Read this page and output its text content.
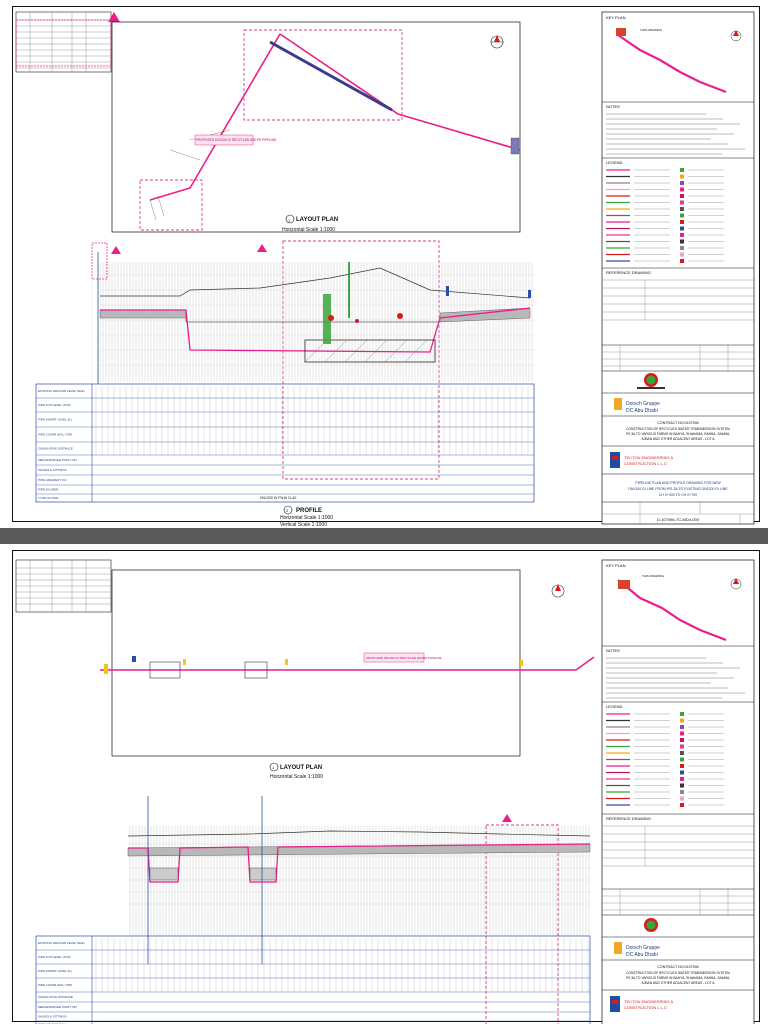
PROPOSED DN1200 GI RECYCLED WATER PIPELINE
LAYOUT PLAN
1
Horizontal Scale 1:1000
EXISTING GROUND LEVEL (EGL)
PIPE TOP LEVEL (TOP)
PIPE INVERT LEVEL (IL)
PIPE COVER (EGL-TOP)
CUMULATIVE DISTANCE
MEDIAN/RANGE POINT (IP)
VALVES & FITTINGS
PIPE GRADIENT (%)
PIPE DI LINER
TYPE OF PIPE	DN1200 DI PN16 CL40
2 PROFILE
Horizontal Scale 1:1000
Vertical Scale 1:1000
KEY PLAN
THIS DRAWING
NOTES
LEGEND
REFERENCE DRAWING
Dorsch Gruppe
DC Abu Dhabi
CONTRACT NO:0107596
CONSTRUCTION OF RECYCLED WATER TRANSMISSION SYSTEM
PS 3A TO VARIOUS FARMS IN BAHYA, SHAHAMA, RAHBA, SAMHA,
AJBAN AND OTHER ADJACENT AREAS - LOT A
TECTON ENGINEERING &
CONSTRUCTION L.L.C
PIPELINE PLAN AND PROFILE DRAWING FOR NEW
DN1200 DI LINE FROM IPS-3A TO EXISTING DN1200 DI LINE
CH 0+000 TO CH 0+700
D-107596-TC-MD4-000
PROPOSED DN1200 GI RECYCLED WATER PIPELINE
1 LAYOUT PLAN
Horizontal Scale 1:1000
EXISTING GROUND LEVEL (EGL)
PIPE TOP LEVEL (TOP)
PIPE INVERT LEVEL (IL)
PIPE COVER (EGL-TOP)
CUMULATIVE DISTANCE
MEDIAN/RANGE POINT (IP)
VALVES & FITTINGS
KEY PLAN
THIS DRAWING
NOTES
LEGEND
REFERENCE DRAWING
Dorsch Gruppe
DC Abu Dhabi
CONTRACT NO:0107596
CONSTRUCTION OF RECYCLED WATER TRANSMISSION SYSTEM
PS 3A TO VARIOUS FARMS IN BAHYA, SHAHAMA, RAHBA, SAMHA,
AJBAN AND OTHER ADJACENT AREAS - LOT A
TECTON ENGINEERING &
CONSTRUCTION L.L.C
